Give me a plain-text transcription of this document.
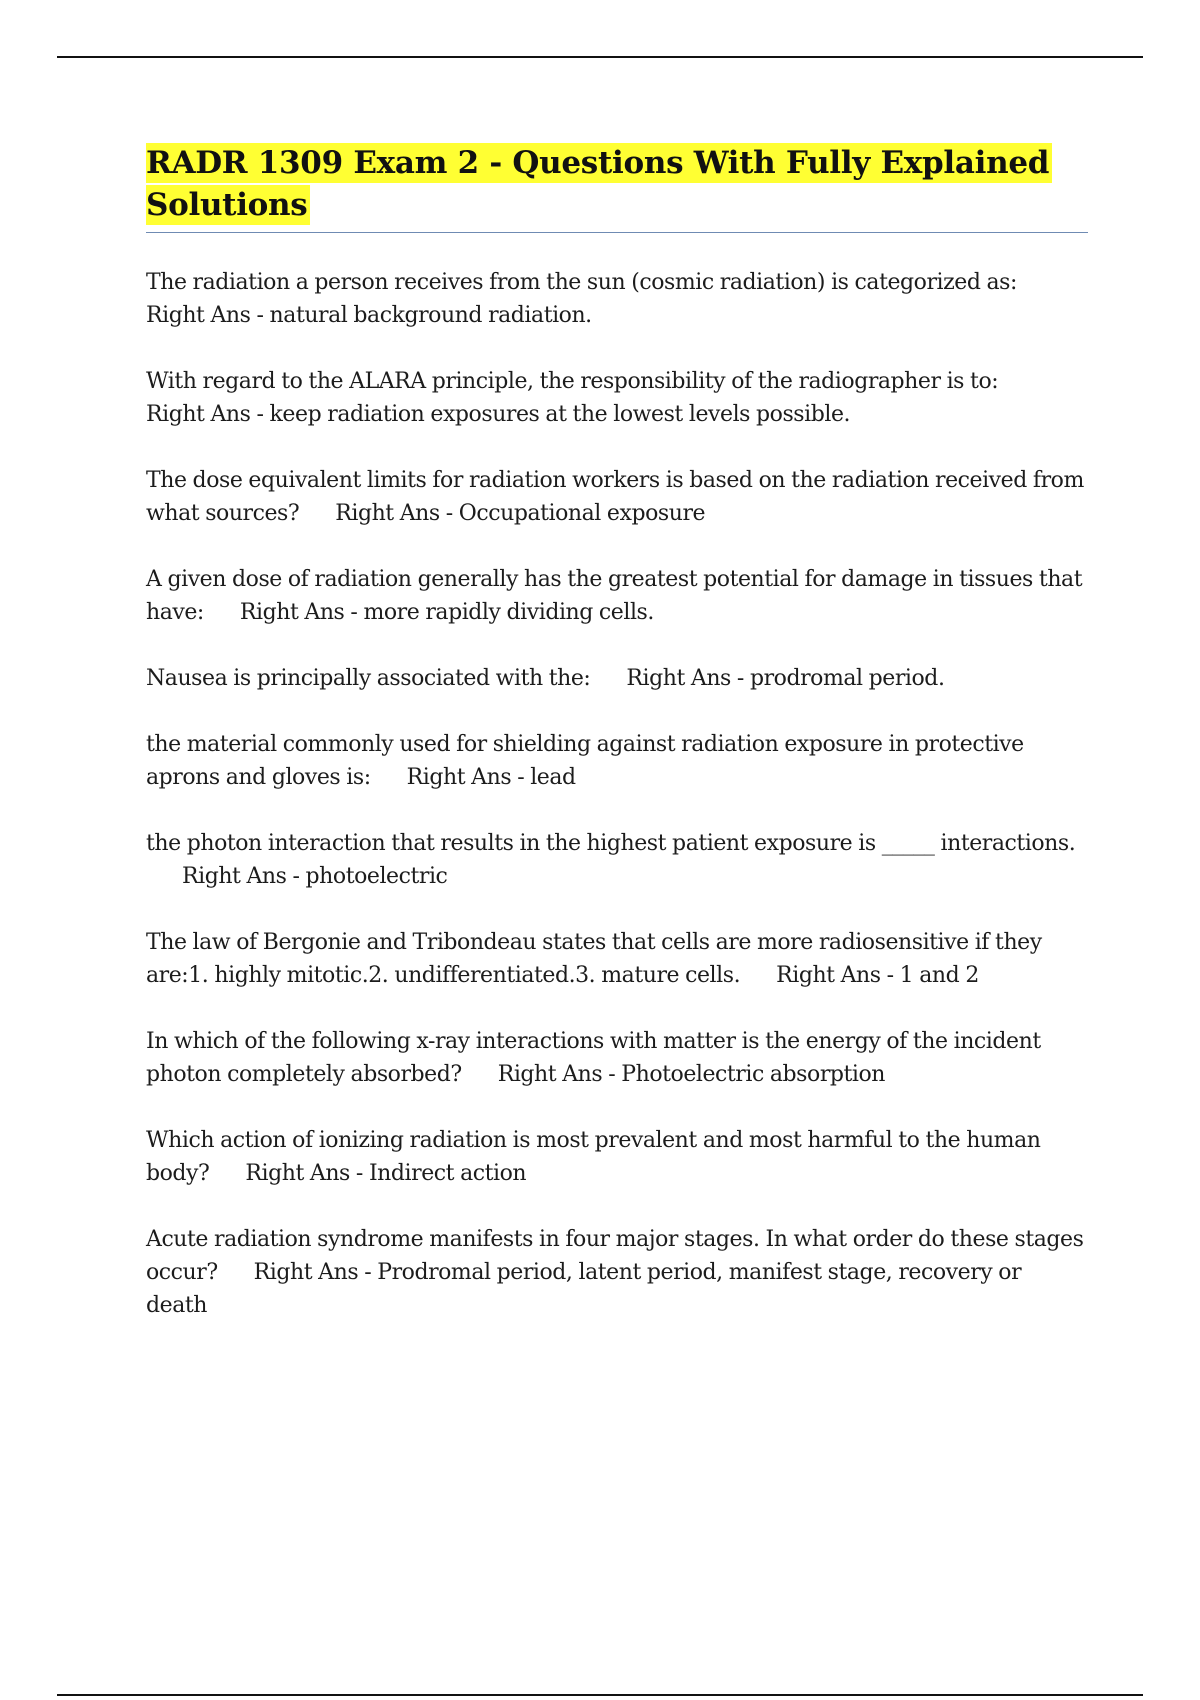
RADR 1309 Exam 2 - Questions With Fully Explained Solutions

The radiation a person receives from the sun (cosmic radiation) is categorized as:Right Ans - natural background radiation.

With regard to the ALARA principle, the responsibility of the radiographer is to:Right Ans - keep radiation exposures at the lowest levels possible.

The dose equivalent limits for radiation workers is based on the radiation received from what sources? Right Ans - Occupational exposure

A given dose of radiation generally has the greatest potential for damage in tissues that have: Right Ans - more rapidly dividing cells.

Nausea is principally associated with the: Right Ans - prodromal period.

the material commonly used for shielding against radiation exposure in protective aprons and gloves is: Right Ans - lead

the photon interaction that results in the highest patient exposure is _____ interactions.Right Ans - photoelectric

The law of Bergonie and Tribondeau states that cells are more radiosensitive if they are:1. highly mitotic.2. undifferentiated.3. mature cells. Right Ans - 1 and 2

In which of the following x-ray interactions with matter is the energy of the incident photon completely absorbed? Right Ans - Photoelectric absorption

Which action of ionizing radiation is most prevalent and most harmful to the human body? Right Ans - Indirect action

Acute radiation syndrome manifests in four major stages. In what order do these stages occur? Right Ans - Prodromal period, latent period, manifest stage, recovery or death
